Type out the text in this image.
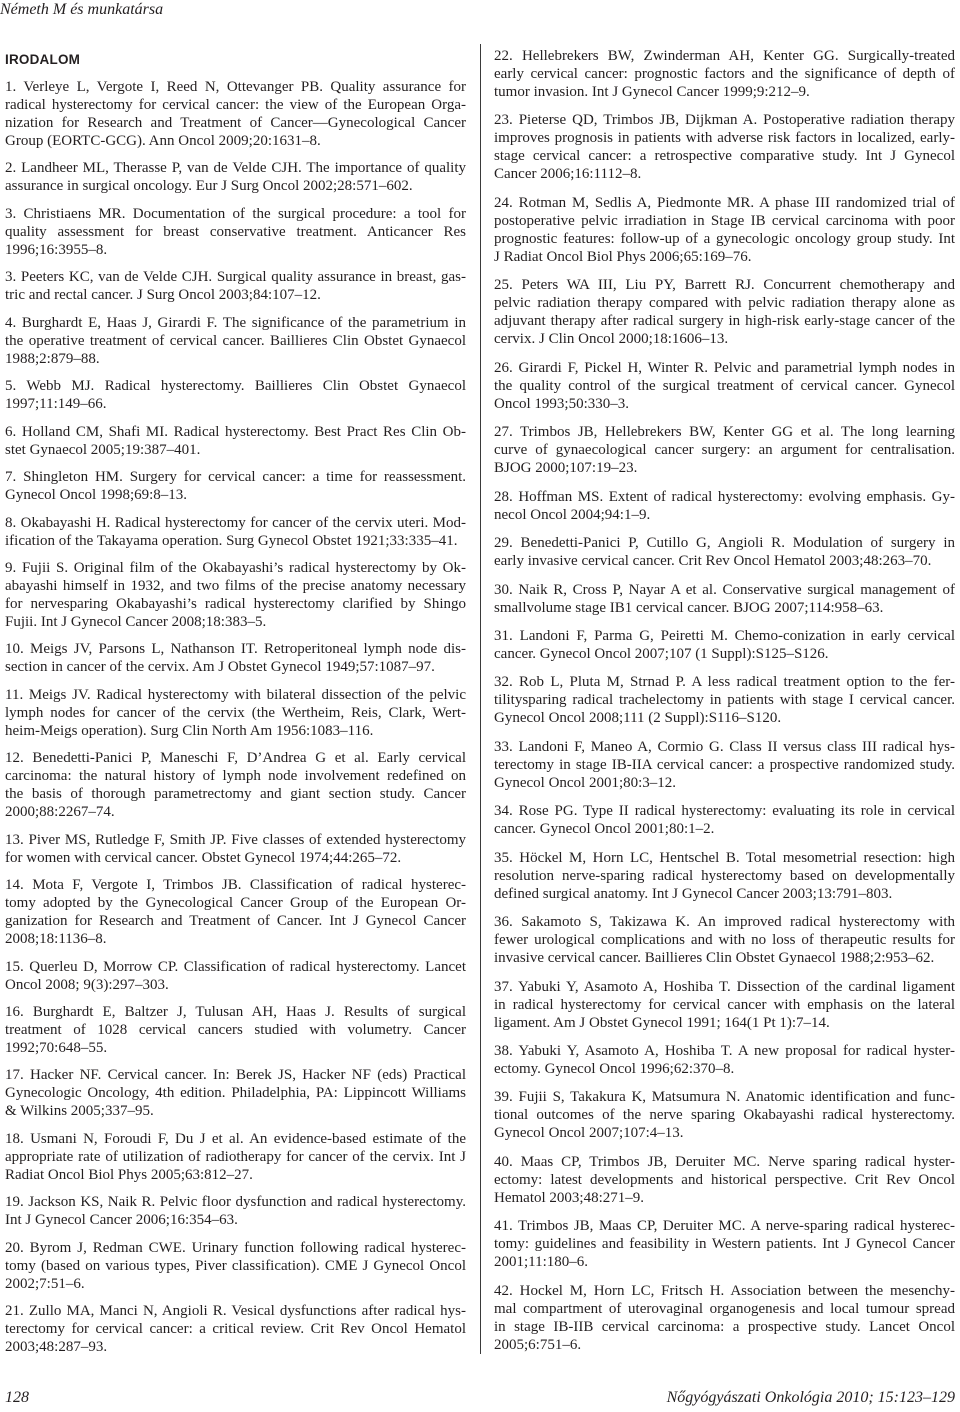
Németh M és munkatársa
IRODALOM
1. Verleye L, Vergote I, Reed N, Ottevanger PB. Quality assurance for
radical hysterectomy for cervical cancer: the view of the European Orga-
nization for Research and Treatment of Cancer—Gynecological Cancer
Group (EORTC-GCG). Ann Oncol 2009;20:1631–8.
2. Landheer ML, Therasse P, van de Velde CJH. The importance of quality
assurance in surgical oncology. Eur J Surg Oncol 2002;28:571–602.
3. Christiaens MR. Documentation of the surgical procedure: a tool for
quality assessment for breast conservative treatment. Anticancer Res
1996;16:3955–8.
3. Peeters KC, van de Velde CJH. Surgical quality assurance in breast, gas-
tric and rectal cancer. J Surg Oncol 2003;84:107–12.
4. Burghardt E, Haas J, Girardi F. The significance of the parametrium in
the operative treatment of cervical cancer. Baillieres Clin Obstet Gynaecol
1988;2:879–88.
5. Webb MJ. Radical hysterectomy. Baillieres Clin Obstet Gynaecol
1997;11:149–66.
6. Holland CM, Shafi MI. Radical hysterectomy. Best Pract Res Clin Ob-
stet Gynaecol 2005;19:387–401.
7. Shingleton HM. Surgery for cervical cancer: a time for reassessment.
Gynecol Oncol 1998;69:8–13.
8. Okabayashi H. Radical hysterectomy for cancer of the cervix uteri. Mod-
ification of the Takayama operation. Surg Gynecol Obstet 1921;33:335–41.
9. Fujii S. Original film of the Okabayashi’s radical hysterectomy by Ok-
abayashi himself in 1932, and two films of the precise anatomy necessary
for nervesparing Okabayashi’s radical hysterectomy clarified by Shingo
Fujii. Int J Gynecol Cancer 2008;18:383–5.
10. Meigs JV, Parsons L, Nathanson IT. Retroperitoneal lymph node dis-
section in cancer of the cervix. Am J Obstet Gynecol 1949;57:1087–97.
11. Meigs JV. Radical hysterectomy with bilateral dissection of the pelvic
lymph nodes for cancer of the cervix (the Wertheim, Reis, Clark, Wert-
heim-Meigs operation). Surg Clin North Am 1956:1083–116.
12. Benedetti-Panici P, Maneschi F, D’Andrea G et al. Early cervical
carcinoma: the natural history of lymph node involvement redefined on
the basis of thorough parametrectomy and giant section study. Cancer
2000;88:2267–74.
13. Piver MS, Rutledge F, Smith JP. Five classes of extended hysterectomy
for women with cervical cancer. Obstet Gynecol 1974;44:265–72.
14. Mota F, Vergote I, Trimbos JB. Classification of radical hysterec-
tomy adopted by the Gynecological Cancer Group of the European Or-
ganization for Research and Treatment of Cancer. Int J Gynecol Cancer
2008;18:1136–8.
15. Querleu D, Morrow CP. Classification of radical hysterectomy. Lancet
Oncol 2008; 9(3):297–303.
16. Burghardt E, Baltzer J, Tulusan AH, Haas J. Results of surgical
treatment of 1028 cervical cancers studied with volumetry. Cancer
1992;70:648–55.
17. Hacker NF. Cervical cancer. In: Berek JS, Hacker NF (eds) Practical
Gynecologic Oncology, 4th edition. Philadelphia, PA: Lippincott Williams
& Wilkins 2005;337–95.
18. Usmani N, Foroudi F, Du J et al. An evidence-based estimate of the
appropriate rate of utilization of radiotherapy for cancer of the cervix. Int J
Radiat Oncol Biol Phys 2005;63:812–27.
19. Jackson KS, Naik R. Pelvic floor dysfunction and radical hysterectomy.
Int J Gynecol Cancer 2006;16:354–63.
20. Byrom J, Redman CWE. Urinary function following radical hysterec-
tomy (based on various types, Piver classification). CME J Gynecol Oncol
2002;7:51–6.
21. Zullo MA, Manci N, Angioli R. Vesical dysfunctions after radical hys-
terectomy for cervical cancer: a critical review. Crit Rev Oncol Hematol
2003;48:287–93.
22. Hellebrekers BW, Zwinderman AH, Kenter GG. Surgically-treated
early cervical cancer: prognostic factors and the significance of depth of
tumor invasion. Int J Gynecol Cancer 1999;9:212–9.
23. Pieterse QD, Trimbos JB, Dijkman A. Postoperative radiation therapy
improves prognosis in patients with adverse risk factors in localized, early-
stage cervical cancer: a retrospective comparative study. Int J Gynecol
Cancer 2006;16:1112–8.
24. Rotman M, Sedlis A, Piedmonte MR. A phase III randomized trial of
postoperative pelvic irradiation in Stage IB cervical carcinoma with poor
prognostic features: follow-up of a gynecologic oncology group study. Int
J Radiat Oncol Biol Phys 2006;65:169–76.
25. Peters WA III, Liu PY, Barrett RJ. Concurrent chemotherapy and
pelvic radiation therapy compared with pelvic radiation therapy alone as
adjuvant therapy after radical surgery in high-risk early-stage cancer of the
cervix. J Clin Oncol 2000;18:1606–13.
26. Girardi F, Pickel H, Winter R. Pelvic and parametrial lymph nodes in
the quality control of the surgical treatment of cervical cancer. Gynecol
Oncol 1993;50:330–3.
27. Trimbos JB, Hellebrekers BW, Kenter GG et al. The long learning
curve of gynaecological cancer surgery: an argument for centralisation.
BJOG 2000;107:19–23.
28. Hoffman MS. Extent of radical hysterectomy: evolving emphasis. Gy-
necol Oncol 2004;94:1–9.
29. Benedetti-Panici P, Cutillo G, Angioli R. Modulation of surgery in
early invasive cervical cancer. Crit Rev Oncol Hematol 2003;48:263–70.
30. Naik R, Cross P, Nayar A et al. Conservative surgical management of
smallvolume stage IB1 cervical cancer. BJOG 2007;114:958–63.
31. Landoni F, Parma G, Peiretti M. Chemo-conization in early cervical
cancer. Gynecol Oncol 2007;107 (1 Suppl):S125–S126.
32. Rob L, Pluta M, Strnad P. A less radical treatment option to the fer-
tilitysparing radical trachelectomy in patients with stage I cervical cancer.
Gynecol Oncol 2008;111 (2 Suppl):S116–S120.
33. Landoni F, Maneo A, Cormio G. Class II versus class III radical hys-
terectomy in stage IB-IIA cervical cancer: a prospective randomized study.
Gynecol Oncol 2001;80:3–12.
34. Rose PG. Type II radical hysterectomy: evaluating its role in cervical
cancer. Gynecol Oncol 2001;80:1–2.
35. Höckel M, Horn LC, Hentschel B. Total mesometrial resection: high
resolution nerve-sparing radical hysterectomy based on developmentally
defined surgical anatomy. Int J Gynecol Cancer 2003;13:791–803.
36. Sakamoto S, Takizawa K. An improved radical hysterectomy with
fewer urological complications and with no loss of therapeutic results for
invasive cervical cancer. Baillieres Clin Obstet Gynaecol 1988;2:953–62.
37. Yabuki Y, Asamoto A, Hoshiba T. Dissection of the cardinal ligament
in radical hysterectomy for cervical cancer with emphasis on the lateral
ligament. Am J Obstet Gynecol 1991; 164(1 Pt 1):7–14.
38. Yabuki Y, Asamoto A, Hoshiba T. A new proposal for radical hyster-
ectomy. Gynecol Oncol 1996;62:370–8.
39. Fujii S, Takakura K, Matsumura N. Anatomic identification and func-
tional outcomes of the nerve sparing Okabayashi radical hysterectomy.
Gynecol Oncol 2007;107:4–13.
40. Maas CP, Trimbos JB, Deruiter MC. Nerve sparing radical hyster-
ectomy: latest developments and historical perspective. Crit Rev Oncol
Hematol 2003;48:271–9.
41. Trimbos JB, Maas CP, Deruiter MC. A nerve-sparing radical hysterec-
tomy: guidelines and feasibility in Western patients. Int J Gynecol Cancer
2001;11:180–6.
42. Hockel M, Horn LC, Fritsch H. Association between the mesenchy-
mal compartment of uterovaginal organogenesis and local tumour spread
in stage IB-IIB cervical carcinoma: a prospective study. Lancet Oncol
2005;6:751–6.
128	Nőgyógyászati Onkológia 2010; 15:123–129
